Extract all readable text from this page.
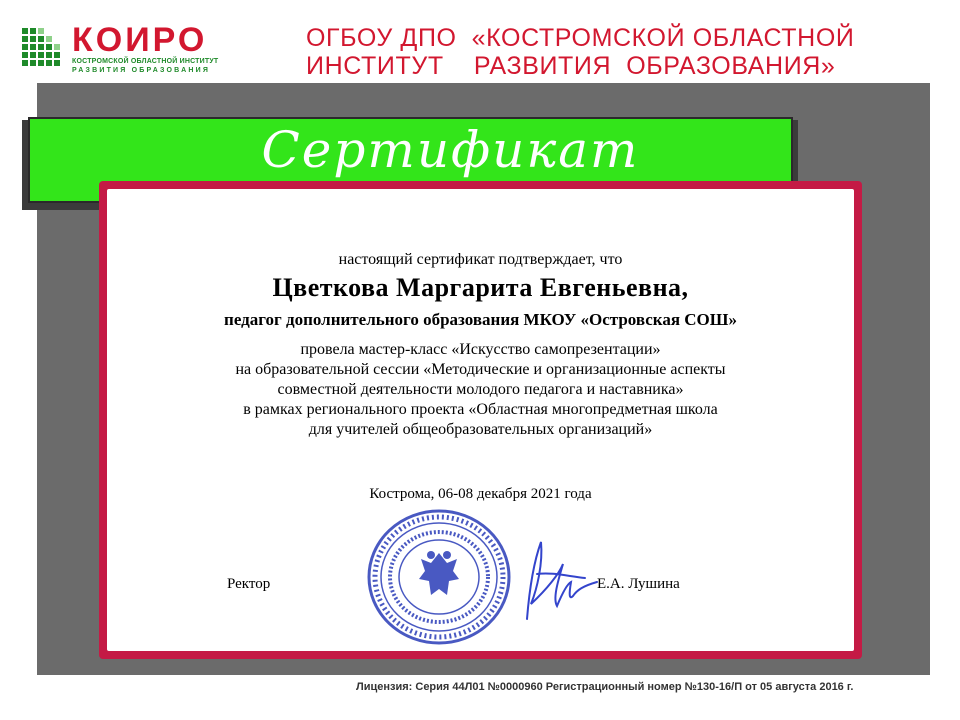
КОИРО
КОСТРОМСКОЙ ОБЛАСТНОЙ ИНСТИТУТ
РАЗВИТИЯ ОБРАЗОВАНИЯ
ОГБОУ ДПО  «КОСТРОМСКОЙ ОБЛАСТНОЙ
ИНСТИТУТ    РАЗВИТИЯ  ОБРАЗОВАНИЯ»
Сертификат
настоящий сертификат подтверждает, что
Цветкова Маргарита Евгеньевна,
педагог дополнительного образования МКОУ «Островская СОШ»
провела мастер-класс «Искусство самопрезентации»
на образовательной сессии «Методические и организационные аспекты
совместной деятельности молодого педагога и наставника»
в рамках регионального проекта «Областная многопредметная школа
для учителей общеобразовательных организаций»
Кострома, 06-08 декабря 2021 года
Ректор	Е.А. Лушина
Лицензия: Серия 44Л01 №0000960 Регистрационный номер №130-16/П от 05 августа 2016 г.
